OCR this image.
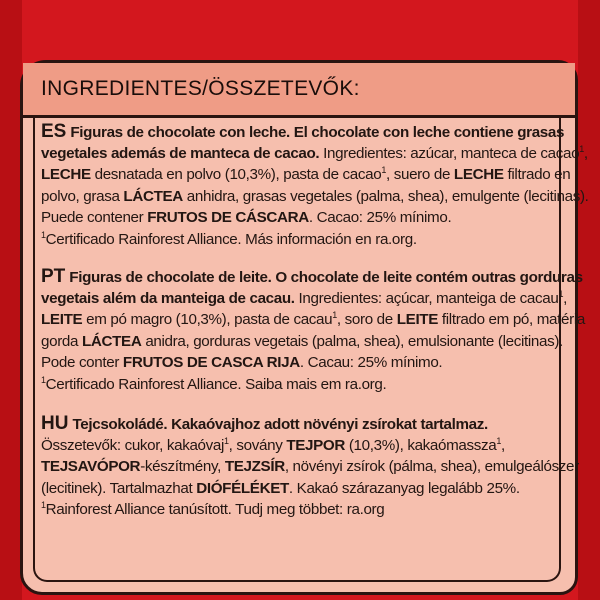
INGREDIENTES/ÖSSZETEVŐK:
ES Figuras de chocolate con leche. El chocolate con leche contiene grasas
vegetales además de manteca de cacao. Ingredientes: azúcar, manteca de cacao$^1$
LECHE desnatada en polvo (10,3%), pasta de cacao$^1$, suero de LECHE filtrado en
polvo, grasa LÁCTEA anhidra, grasas vegetales (palma, shea), emulgente (lecitinas).
Puede contener FRUTOS DE CÁSCARA. Cacao: 25% mínimo.
$^1$Certificado Rainforest Alliance. Más información en ra.org.
PT Figuras de chocolate de leite. O chocolate de leite contém outras gorduras
vegetais além da manteiga de cacau. Ingredientes: açúcar, manteiga de cacau$^1$,
LEITE em pó magro (10,3%), pasta de cacau$^1$, soro de LEITE filtrado em pó, matéria
gorda LÁCTEA anidra, gorduras vegetais (palma, shea), emulsionante (lecitinas).
Pode conter FRUTOS DE CASCA RIJA. Cacau: 25% mínimo.
$^1$Certificado Rainforest Alliance. Saiba mais em ra.org.
HU Tejcsokoládé. Kakaóvajhoz adott növényi zsírokat tartalmaz.
Összetevők: cukor, kakaóvaj$^1$, sovány TEJPOR (10,3%), kakaómassza$^1$,
TEJSAVÓPOR-készítmény, TEJZSÍR, növényi zsírok (pálma, shea), emulgeálószer
(lecitinek). Tartalmazhat DIÓFÉLÉKET. Kakaó szárazanyag legalább 25%.
$^1$Rainforest Alliance tanúsított. Tudj meg többet: ra.org
